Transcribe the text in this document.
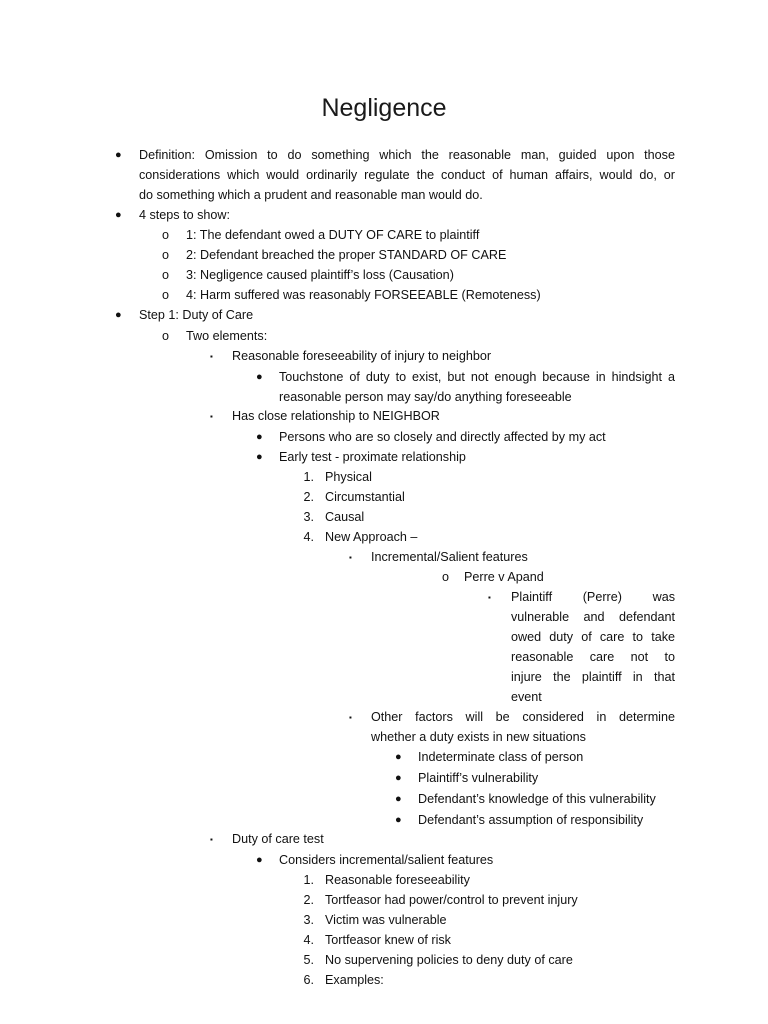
Negligence
● Definition: Omission to do something which the reasonable man, guided upon those
considerations which would ordinarily regulate the conduct of human affairs, would do, or
do something which a prudent and reasonable man would do.
● 4 steps to show:
o 1: The defendant owed a DUTY OF CARE to plaintiff
o 2: Defendant breached the proper STANDARD OF CARE
o 3: Negligence caused plaintiff’s loss (Causation)
o 4: Harm suffered was reasonably FORSEEABLE (Remoteness)
● Step 1: Duty of Care
o Two elements:
▪ Reasonable foreseeability of injury to neighbor
● Touchstone of duty to exist, but not enough because in hindsight a
reasonable person may say/do anything foreseeable
▪ Has close relationship to NEIGHBOR
● Persons who are so closely and directly affected by my act
● Early test - proximate relationship
1. Physical
2. Circumstantial
3. Causal
4. New Approach –
▪ Incremental/Salient features
o Perre v Apand
▪ Plaintiff (Perre) was
vulnerable and defendant
owed duty of care to take
reasonable care not to
injure the plaintiff in that
event
▪ Other factors will be considered in determine
whether a duty exists in new situations
● Indeterminate class of person
● Plaintiff’s vulnerability
● Defendant’s knowledge of this vulnerability
● Defendant’s assumption of responsibility
▪ Duty of care test
● Considers incremental/salient features
1. Reasonable foreseeability
2. Tortfeasor had power/control to prevent injury
3. Victim was vulnerable
4. Tortfeasor knew of risk
5. No supervening policies to deny duty of care
6. Examples:
